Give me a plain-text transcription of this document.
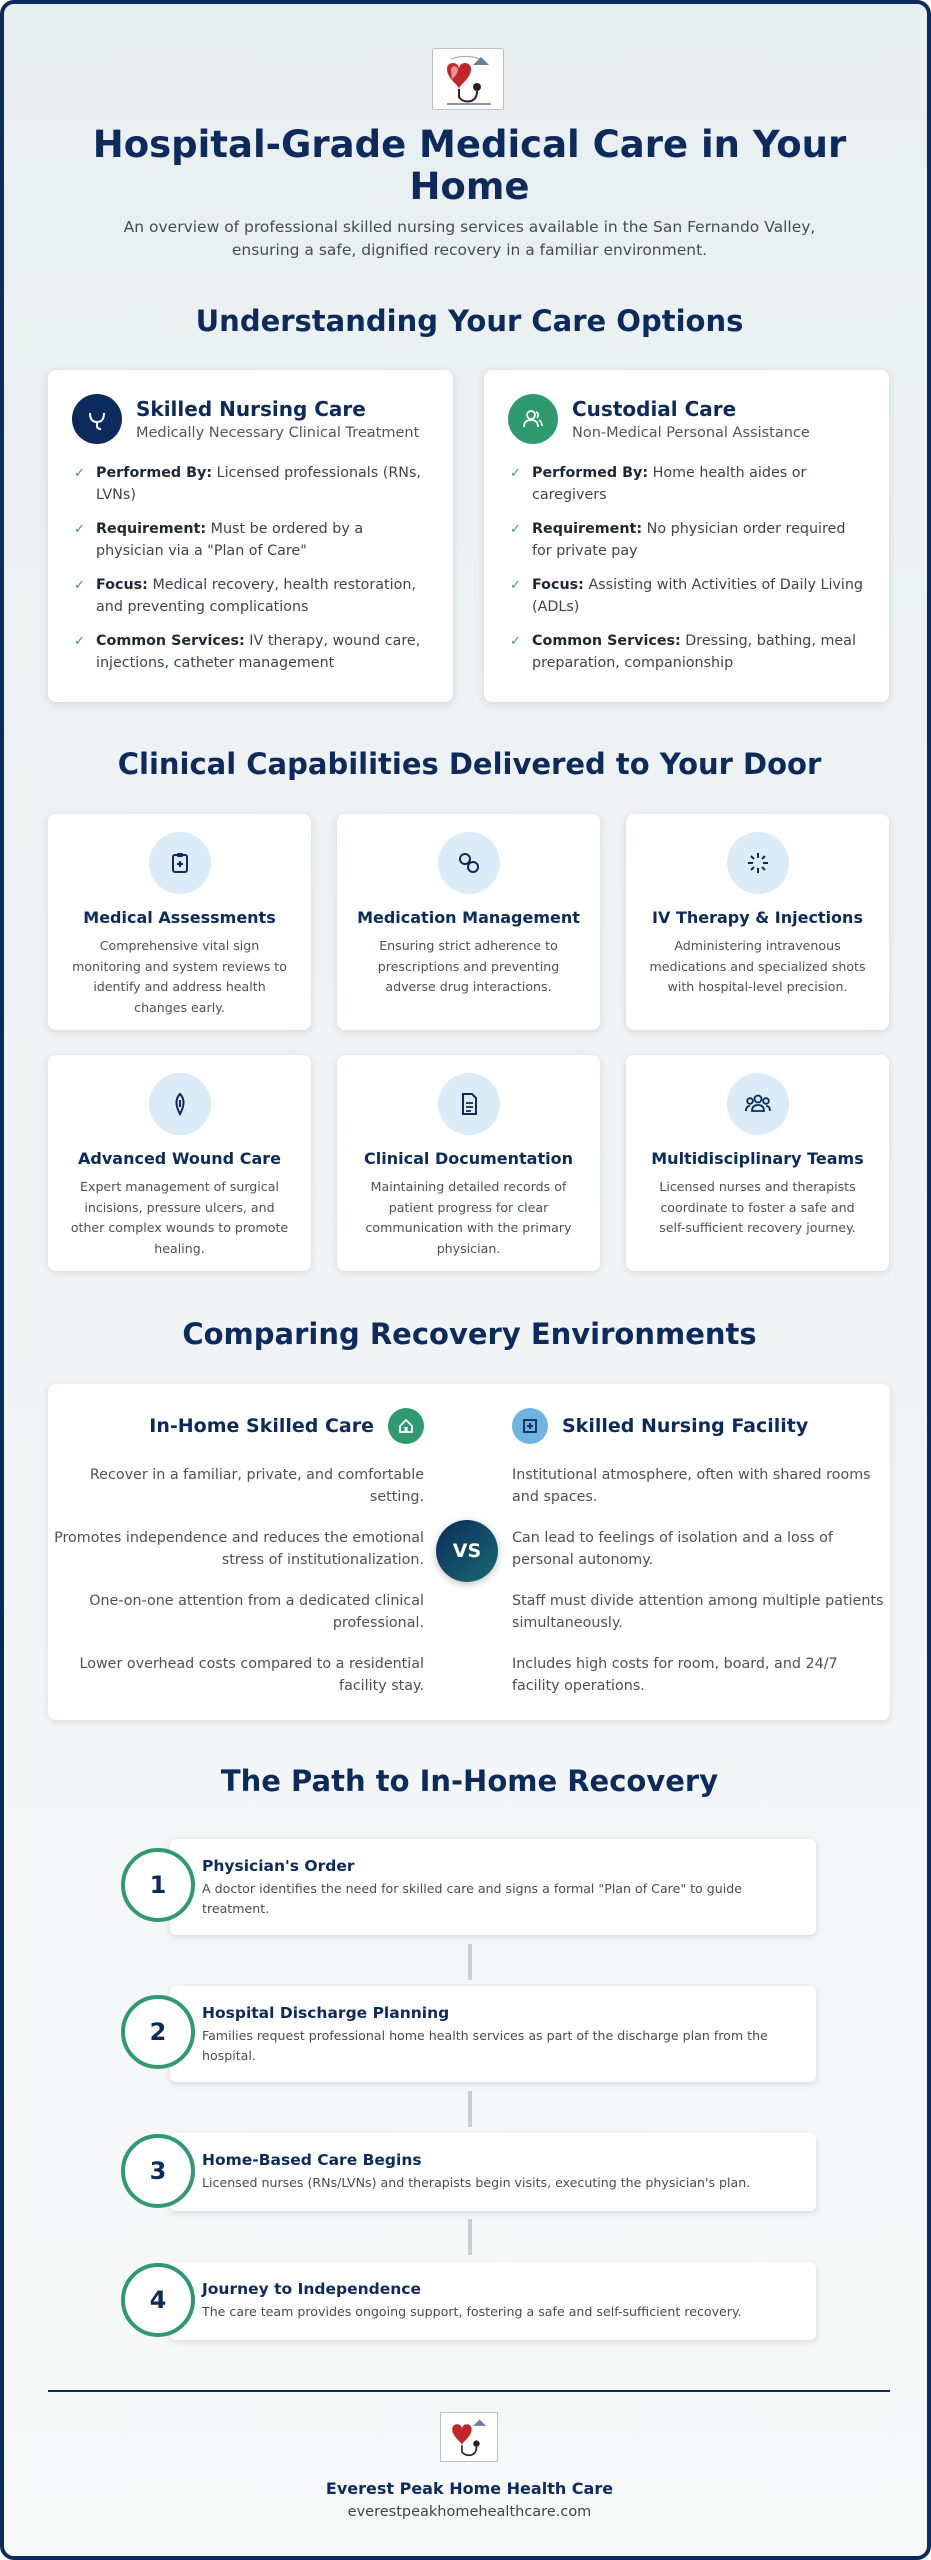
Hospital-Grade Medical Care in Your Home
An overview of professional skilled nursing services available in the San Fernando Valley, ensuring a safe, dignified recovery in a familiar environment.
Understanding Your Care Options
Skilled Nursing Care
Medically Necessary Clinical Treatment
✓ Performed By: Licensed professionals (RNs, LVNs)
✓ Requirement: Must be ordered by a physician via a "Plan of Care"
✓ Focus: Medical recovery, health restoration, and preventing complications
✓ Common Services: IV therapy, wound care, injections, catheter management
Custodial Care
Non-Medical Personal Assistance
✓ Performed By: Home health aides or caregivers
✓ Requirement: No physician order required for private pay
✓ Focus: Assisting with Activities of Daily Living (ADLs)
✓ Common Services: Dressing, bathing, meal preparation, companionship
Clinical Capabilities Delivered to Your Door
Medical Assessments
Comprehensive vital sign monitoring and system reviews to identify and address health changes early.
Medication Management
Ensuring strict adherence to prescriptions and preventing adverse drug interactions.
IV Therapy & Injections
Administering intravenous medications and specialized shots with hospital-level precision.
Advanced Wound Care
Expert management of surgical incisions, pressure ulcers, and other complex wounds to promote healing.
Clinical Documentation
Maintaining detailed records of patient progress for clear communication with the primary physician.
Multidisciplinary Teams
Licensed nurses and therapists coordinate to foster a safe and self-sufficient recovery journey.
Comparing Recovery Environments
In-Home Skilled Care	Skilled Nursing Facility

Recover in a familiar, private, and comfortable setting.

Promotes independence and reduces the emotional stress of institutionalization.

One-on-one attention from a dedicated clinical professional.

Lower overhead costs compared to a residential facility stay.

VS

Institutional atmosphere, often with shared rooms and spaces.

Can lead to feelings of isolation and a loss of personal autonomy.

Staff must divide attention among multiple patients simultaneously.

Includes high costs for room, board, and 24/7 facility operations.

The Path to In-Home Recovery
Physician's Order
A doctor identifies the need for skilled care and signs a formal "Plan of Care" to guide treatment.
1
Hospital Discharge Planning
Families request professional home health services as part of the discharge plan from the hospital.
2
Home-Based Care Begins
Licensed nurses (RNs/LVNs) and therapists begin visits, executing the physician's plan.
3
Journey to Independence
The care team provides ongoing support, fostering a safe and self-sufficient recovery.
4
Everest Peak Home Health Care
everestpeakhomehealthcare.com
